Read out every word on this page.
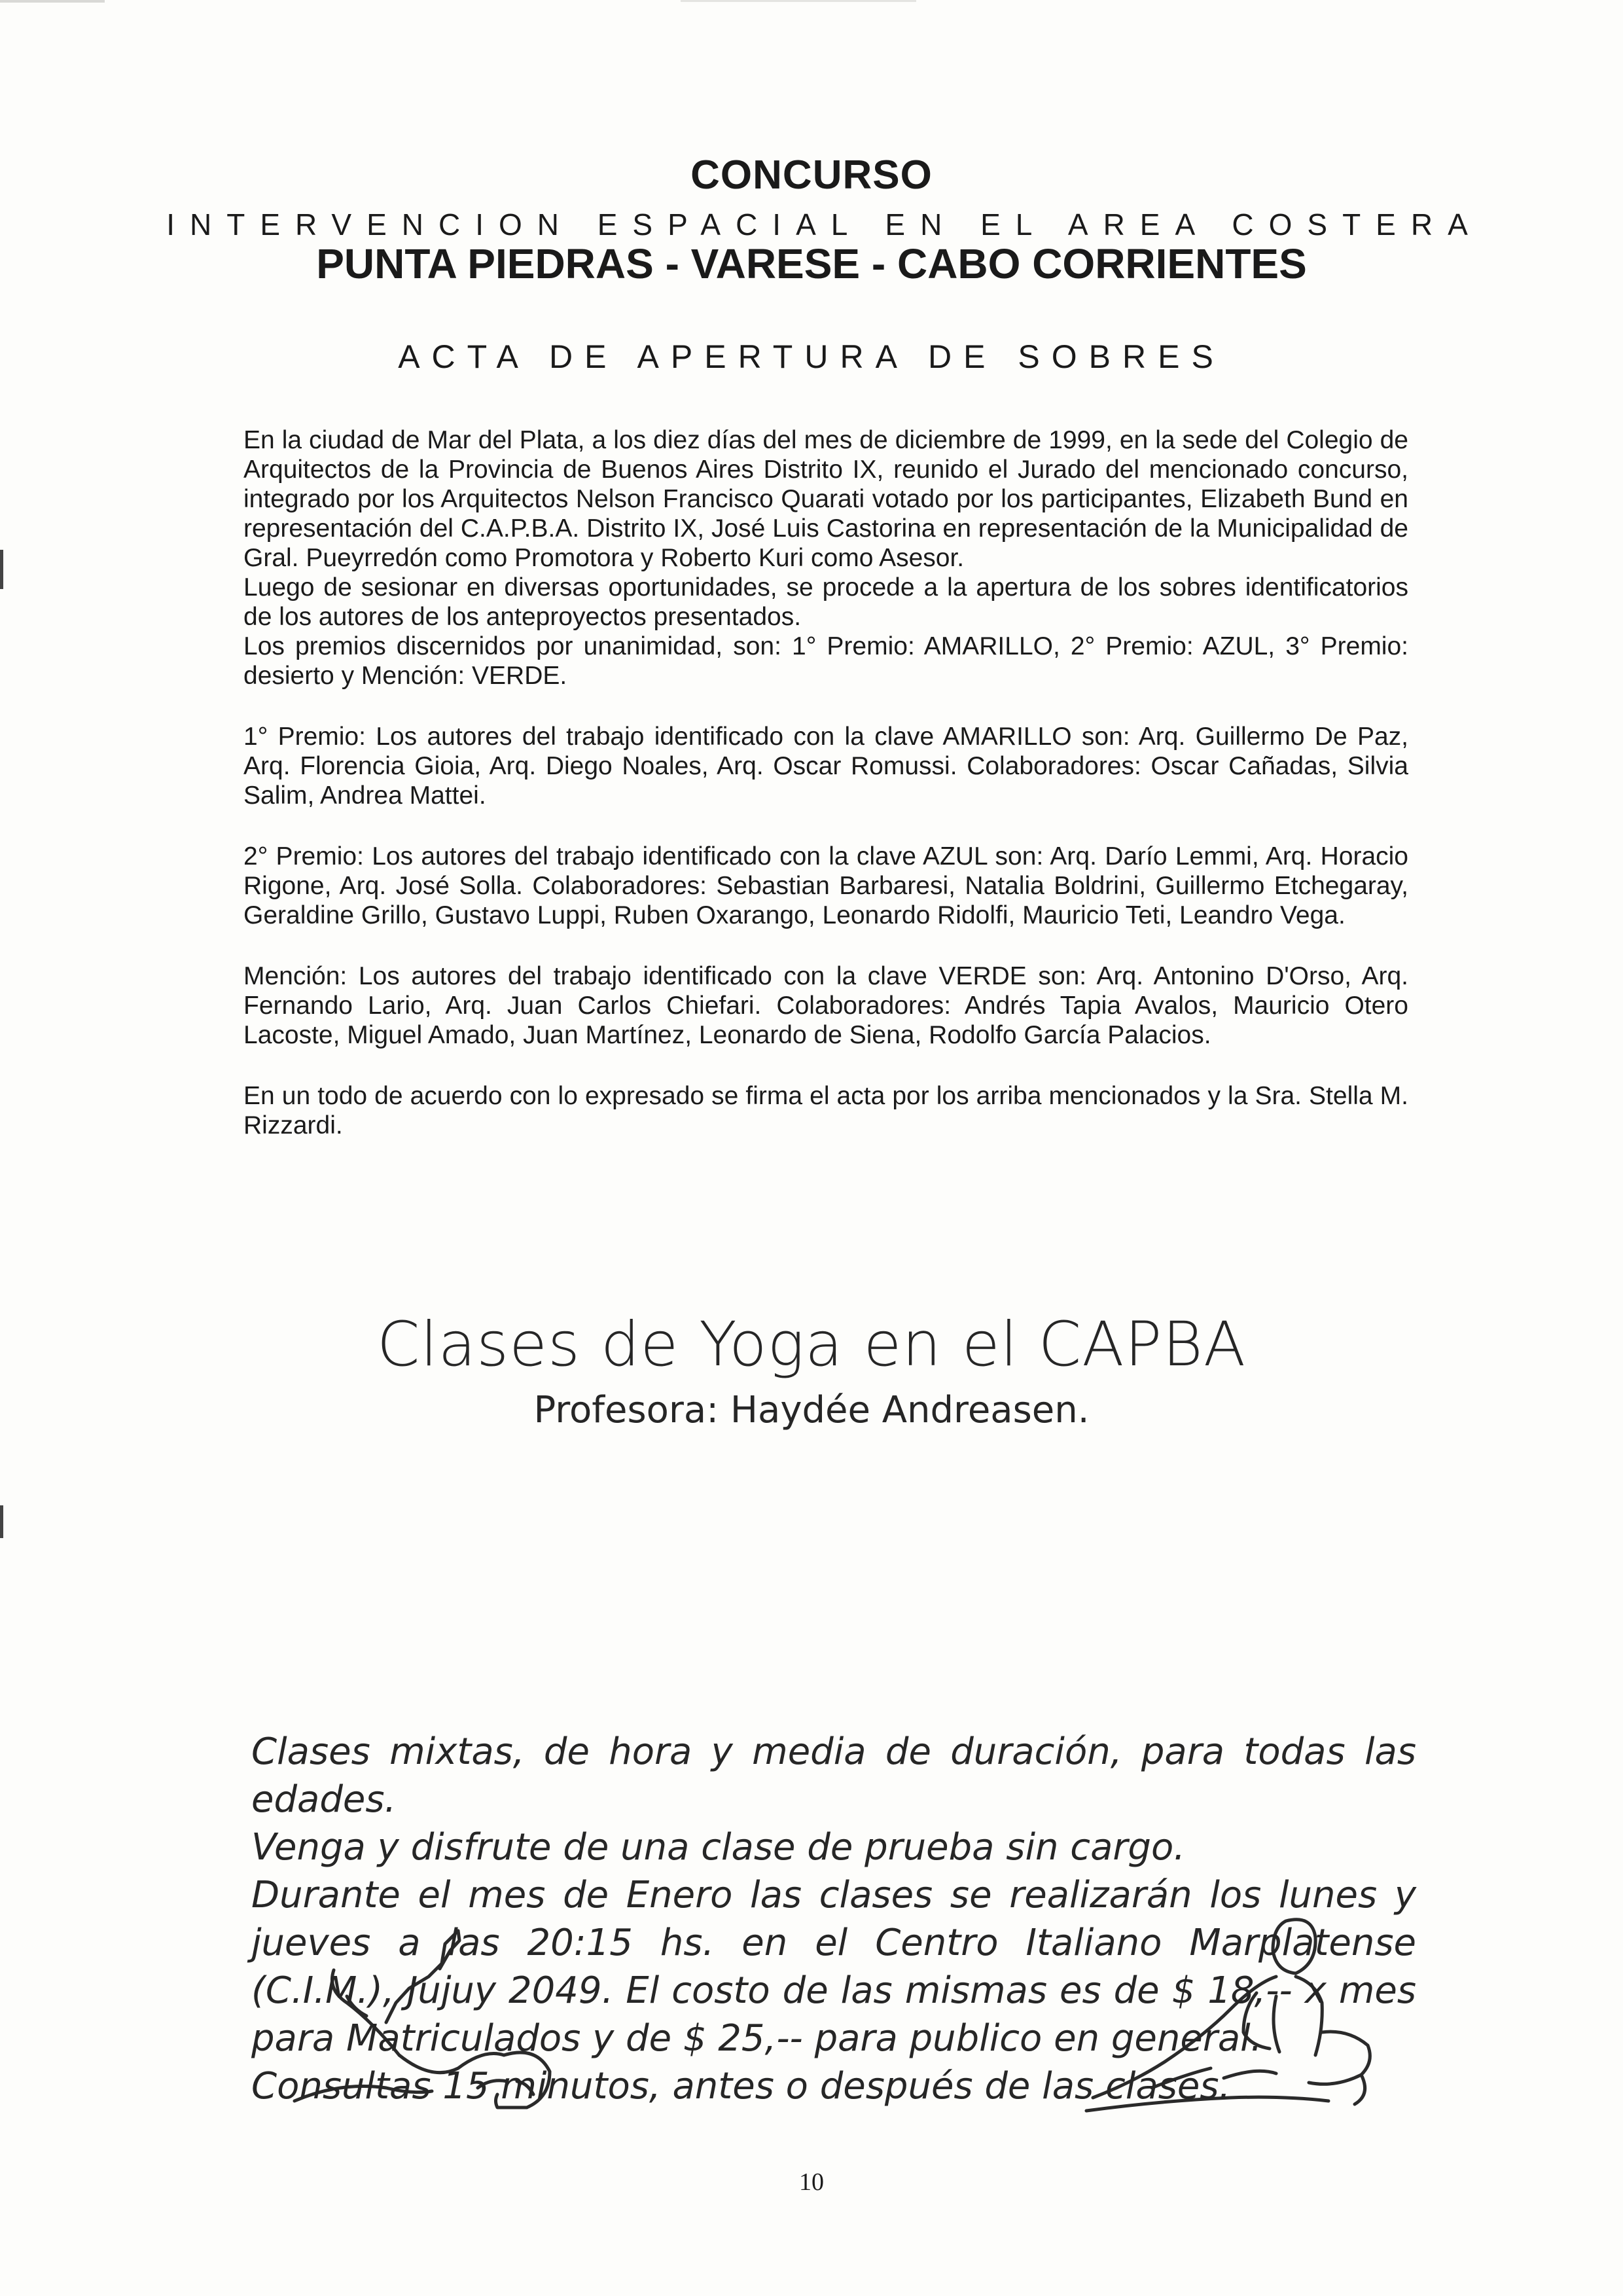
CONCURSO
INTERVENCION ESPACIAL EN EL AREA COSTERA
PUNTA PIEDRAS - VARESE - CABO CORRIENTES
ACTA DE APERTURA DE SOBRES

En la ciudad de Mar del Plata, a los diez días del mes de diciembre de 1999, en la sede del Colegio de Arquitectos de la Provincia de Buenos Aires Distrito IX, reunido el Jurado del mencionado concurso, integrado por los Arquitectos Nelson Francisco Quarati votado por los participantes, Elizabeth Bund en representación del C.A.P.B.A. Distrito IX, José Luis Castorina en representación de la Municipalidad de Gral. Pueyrredón como Promotora y Roberto Kuri como Asesor.

Luego de sesionar en diversas oportunidades, se procede a la apertura de los sobres identificatorios de los autores de los anteproyectos presentados.

Los premios discernidos por unanimidad, son: 1° Premio: AMARILLO, 2° Premio: AZUL, 3° Premio: desierto y Mención: VERDE.

1° Premio: Los autores del trabajo identificado con la clave AMARILLO son: Arq. Guillermo De Paz, Arq. Florencia Gioia, Arq. Diego Noales, Arq. Oscar Romussi. Colaboradores: Oscar Cañadas, Silvia Salim, Andrea Mattei.

2° Premio: Los autores del trabajo identificado con la clave AZUL son: Arq. Darío Lemmi, Arq. Horacio Rigone, Arq. José Solla. Colaboradores: Sebastian Barbaresi, Natalia Boldrini, Guillermo Etchegaray, Geraldine Grillo, Gustavo Luppi, Ruben Oxarango, Leonardo Ridolfi, Mauricio Teti, Leandro Vega.

Mención: Los autores del trabajo identificado con la clave VERDE son: Arq. Antonino D'Orso, Arq. Fernando Lario, Arq. Juan Carlos Chiefari. Colaboradores: Andrés Tapia Avalos, Mauricio Otero Lacoste, Miguel Amado, Juan Martínez, Leonardo de Siena, Rodolfo García Palacios.

En un todo de acuerdo con lo expresado se firma el acta por los arriba mencionados y la Sra. Stella M. Rizzardi.

Clases de Yoga en el CAPBA
Profesora: Haydée Andreasen.

Clases mixtas, de hora y media de duración, para todas las edades.

Venga y disfrute de una clase de prueba sin cargo.

Durante el mes de Enero las clases se realizarán los lunes y jueves a las 20:15 hs. en el Centro Italiano Marplatense (C.I.M.), Jujuy 2049. El costo de las mismas es de $ 18,-- x mes para Matriculados y de $ 25,-- para publico en general.

Consultas 15 minutos, antes o después de las clases.

10
